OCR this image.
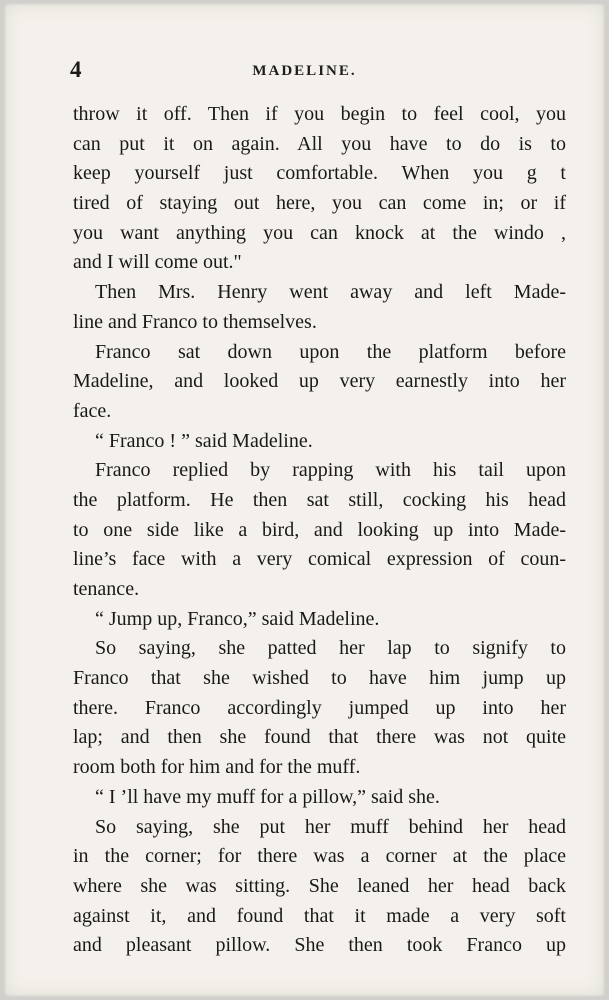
4	MADELINE.
throw it off. Then if you begin to feel cool, you
can put it on again. All you have to do is to
keep yourself just comfortable. When you g t
tired of staying out here, you can come in; or if
you want anything you can knock at the windo ,
and I will come out."
Then Mrs. Henry went away and left Made-
line and Franco to themselves.
Franco sat down upon the platform before
Madeline, and looked up very earnestly into her
face.
“ Franco ! ” said Madeline.
Franco replied by rapping with his tail upon
the platform. He then sat still, cocking his head
to one side like a bird, and looking up into Made-
line’s face with a very comical expression of coun-
tenance.
“ Jump up, Franco,” said Madeline.
So saying, she patted her lap to signify to
Franco that she wished to have him jump up
there. Franco accordingly jumped up into her
lap; and then she found that there was not quite
room both for him and for the muff.
“ I ’ll have my muff for a pillow,” said she.
So saying, she put her muff behind her head
in the corner; for there was a corner at the place
where she was sitting. She leaned her head back
against it, and found that it made a very soft
and pleasant pillow. She then took Franco up
